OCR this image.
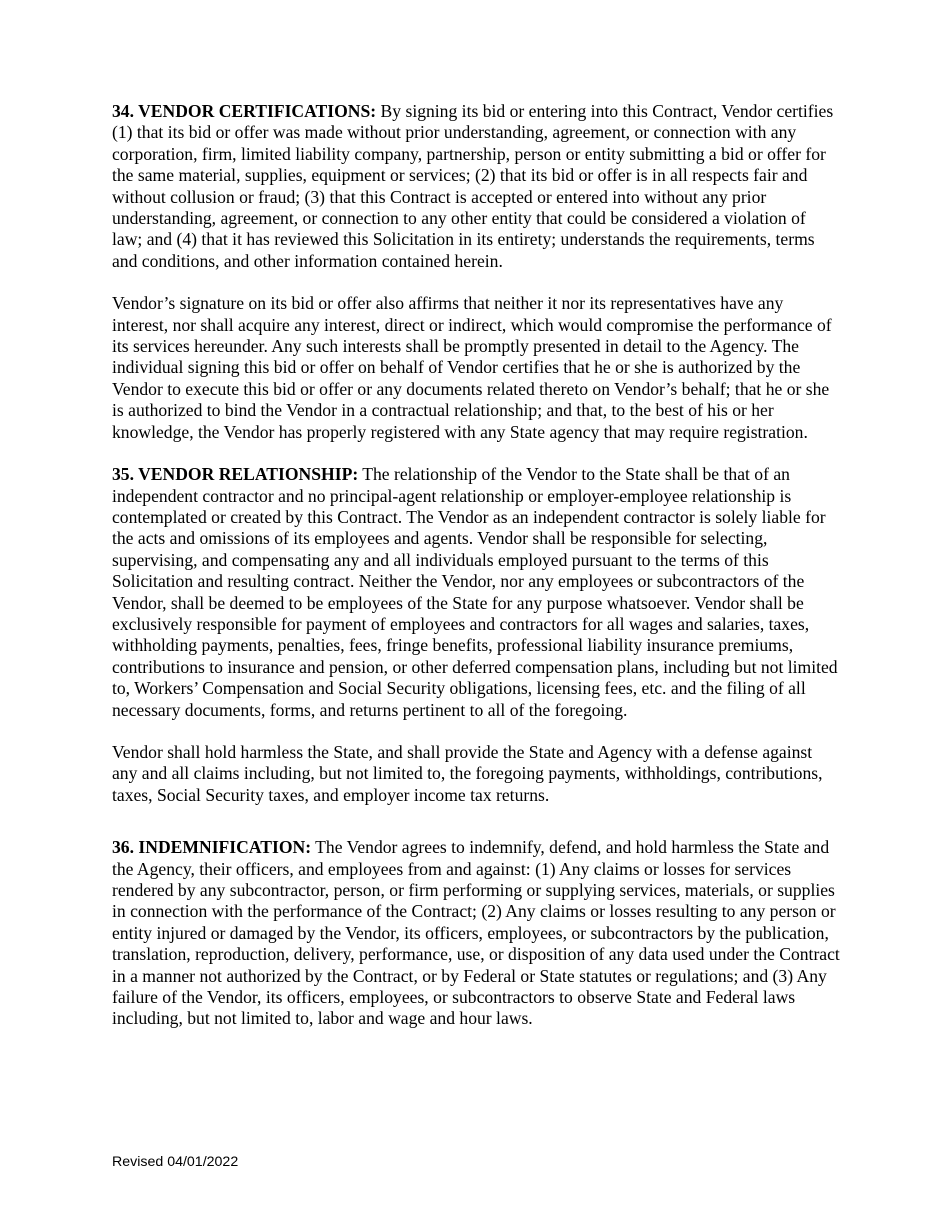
34. VENDOR CERTIFICATIONS: By signing its bid or entering into this Contract, Vendor certifies (1) that its bid or offer was made without prior understanding, agreement, or connection with any corporation, firm, limited liability company, partnership, person or entity submitting a bid or offer for the same material, supplies, equipment or services; (2) that its bid or offer is in all respects fair and without collusion or fraud; (3) that this Contract is accepted or entered into without any prior understanding, agreement, or connection to any other entity that could be considered a violation of law; and (4) that it has reviewed this Solicitation in its entirety; understands the requirements, terms and conditions, and other information contained herein.

Vendor’s signature on its bid or offer also affirms that neither it nor its representatives have any interest, nor shall acquire any interest, direct or indirect, which would compromise the performance of its services hereunder. Any such interests shall be promptly presented in detail to the Agency. The individual signing this bid or offer on behalf of Vendor certifies that he or she is authorized by the Vendor to execute this bid or offer or any documents related thereto on Vendor’s behalf; that he or she is authorized to bind the Vendor in a contractual relationship; and that, to the best of his or her knowledge, the Vendor has properly registered with any State agency that may require registration.

35. VENDOR RELATIONSHIP: The relationship of the Vendor to the State shall be that of an independent contractor and no principal-agent relationship or employer-employee relationship is contemplated or created by this Contract. The Vendor as an independent contractor is solely liable for the acts and omissions of its employees and agents. Vendor shall be responsible for selecting, supervising, and compensating any and all individuals employed pursuant to the terms of this Solicitation and resulting contract. Neither the Vendor, nor any employees or subcontractors of the Vendor, shall be deemed to be employees of the State for any purpose whatsoever. Vendor shall be exclusively responsible for payment of employees and contractors for all wages and salaries, taxes, withholding payments, penalties, fees, fringe benefits, professional liability insurance premiums, contributions to insurance and pension, or other deferred compensation plans, including but not limited to, Workers’ Compensation and Social Security obligations, licensing fees, etc. and the filing of all necessary documents, forms, and returns pertinent to all of the foregoing.

Vendor shall hold harmless the State, and shall provide the State and Agency with a defense against any and all claims including, but not limited to, the foregoing payments, withholdings, contributions, taxes, Social Security taxes, and employer income tax returns.

36. INDEMNIFICATION: The Vendor agrees to indemnify, defend, and hold harmless the State and the Agency, their officers, and employees from and against: (1) Any claims or losses for services rendered by any subcontractor, person, or firm performing or supplying services, materials, or supplies in connection with the performance of the Contract; (2) Any claims or losses resulting to any person or entity injured or damaged by the Vendor, its officers, employees, or subcontractors by the publication, translation, reproduction, delivery, performance, use, or disposition of any data used under the Contract in a manner not authorized by the Contract, or by Federal or State statutes or regulations; and (3) Any failure of the Vendor, its officers, employees, or subcontractors to observe State and Federal laws including, but not limited to, labor and wage and hour laws.

Revised 04/01/2022
